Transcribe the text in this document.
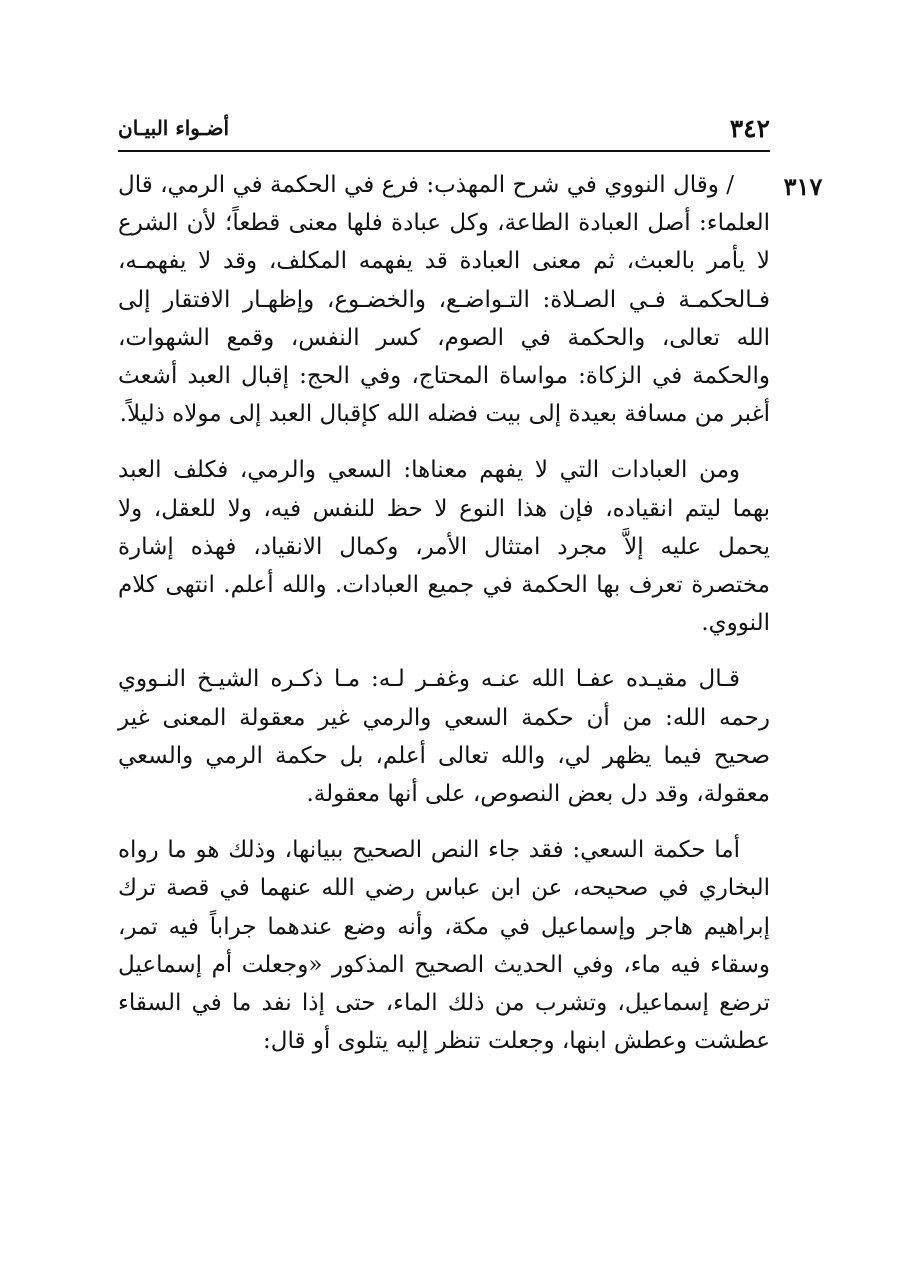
٣٤٢
أضـواء البيـان
٣١٧

/ وقال النووي في شرح المهذب: فرع في الحكمة في الرمي، قال العلماء: أصل العبادة الطاعة، وكل عبادة فلها معنى قطعاً؛ لأن الشرع لا يأمر بالعبث، ثم معنى العبادة قد يفهمه المكلف، وقد لا يفهمـه، فـالحكمـة فـي الصـلاة: التـواضـع، والخضـوع، وإظهـار الافتقار إلى الله تعالى، والحكمة في الصوم، كسر النفس، وقمع الشهوات، والحكمة في الزكاة: مواساة المحتاج، وفي الحج: إقبال العبد أشعث أغبر من مسافة بعيدة إلى بيت فضله الله كإقبال العبد إلى مولاه ذليلاً.

ومن العبادات التي لا يفهم معناها: السعي والرمي، فكلف العبد بهما ليتم انقياده، فإن هذا النوع لا حظ للنفس فيه، ولا للعقل، ولا يحمل عليه إلاَّ مجرد امتثال الأمر، وكمال الانقياد، فهذه إشارة مختصرة تعرف بها الحكمة في جميع العبادات. والله أعلم. انتهى كلام النووي.

قـال مقيـده عفـا الله عنـه وغفـر لـه: مـا ذكـره الشيـخ النـووي رحمه الله: من أن حكمة السعي والرمي غير معقولة المعنى غير صحيح فيما يظهر لي، والله تعالى أعلم، بل حكمة الرمي والسعي معقولة، وقد دل بعض النصوص، على أنها معقولة.

أما حكمة السعي: فقد جاء النص الصحيح ببيانها، وذلك هو ما رواه البخاري في صحيحه، عن ابن عباس رضي الله عنهما في قصة ترك إبراهيم هاجر وإسماعيل في مكة، وأنه وضع عندهما جراباً فيه تمر، وسقاء فيه ماء، وفي الحديث الصحيح المذكور «وجعلت أم إسماعيل ترضع إسماعيل، وتشرب من ذلك الماء، حتى إذا نفد ما في السقاء عطشت وعطش ابنها، وجعلت تنظر إليه يتلوى أو قال:
